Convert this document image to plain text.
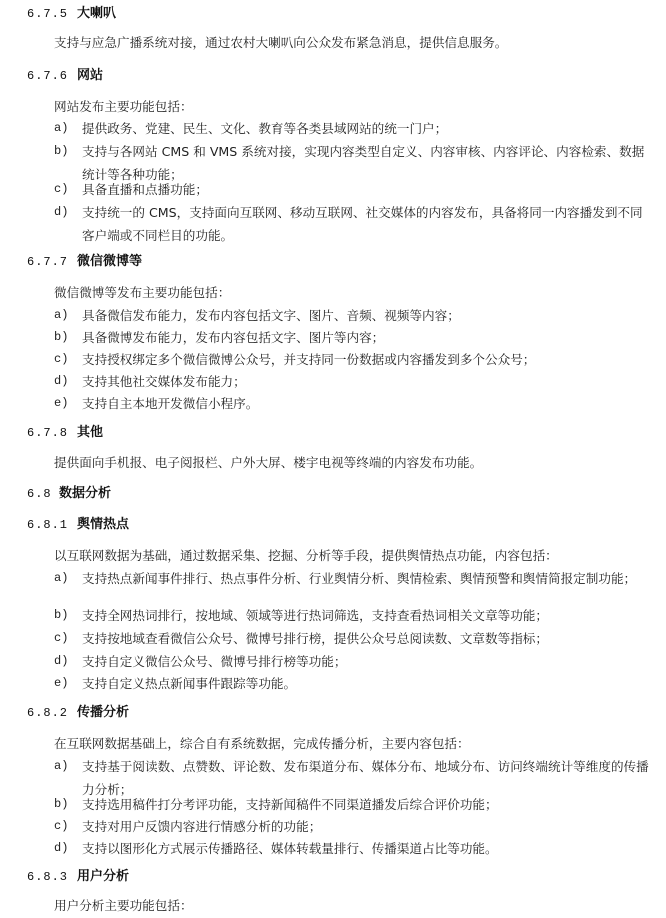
6.7.5 大喇叭
支持与应急广播系统对接，通过农村大喇叭向公众发布紧急消息，提供信息服务。
6.7.6 网站
网站发布主要功能包括：
a)	提供政务、党建、民生、文化、教育等各类县域网站的统一门户；
b)	支持与各网站 CMS 和 VMS 系统对接，实现内容类型自定义、内容审核、内容评论、内容检索、数据统计等各种功能；
c)	具备直播和点播功能；
d)	支持统一的 CMS，支持面向互联网、移动互联网、社交媒体的内容发布，具备将同一内容播发到不同客户端或不同栏目的功能。
6.7.7 微信微博等
微信微博等发布主要功能包括：
a)	具备微信发布能力，发布内容包括文字、图片、音频、视频等内容；
b)	具备微博发布能力，发布内容包括文字、图片等内容；
c)	支持授权绑定多个微信微博公众号，并支持同一份数据或内容播发到多个公众号；
d)	支持其他社交媒体发布能力；
e)	支持自主本地开发微信小程序。
6.7.8 其他
提供面向手机报、电子阅报栏、户外大屏、楼宇电视等终端的内容发布功能。
6.8 数据分析
6.8.1 舆情热点
以互联网数据为基础，通过数据采集、挖掘、分析等手段，提供舆情热点功能，内容包括：
a)	支持热点新闻事件排行、热点事件分析、行业舆情分析、舆情检索、舆情预警和舆情简报定制功能；
b)	支持全网热词排行，按地域、领域等进行热词筛选，支持查看热词相关文章等功能；
c)	支持按地域查看微信公众号、微博号排行榜，提供公众号总阅读数、文章数等指标；
d)	支持自定义微信公众号、微博号排行榜等功能；
e)	支持自定义热点新闻事件跟踪等功能。
6.8.2 传播分析
在互联网数据基础上，综合自有系统数据，完成传播分析，主要内容包括：
a)	支持基于阅读数、点赞数、评论数、发布渠道分布、媒体分布、地域分布、访问终端统计等维度的传播力分析；
b)	支持选用稿件打分考评功能，支持新闻稿件不同渠道播发后综合评价功能；
c)	支持对用户反馈内容进行情感分析的功能；
d)	支持以图形化方式展示传播路径、媒体转载量排行、传播渠道占比等功能。
6.8.3 用户分析
用户分析主要功能包括：
